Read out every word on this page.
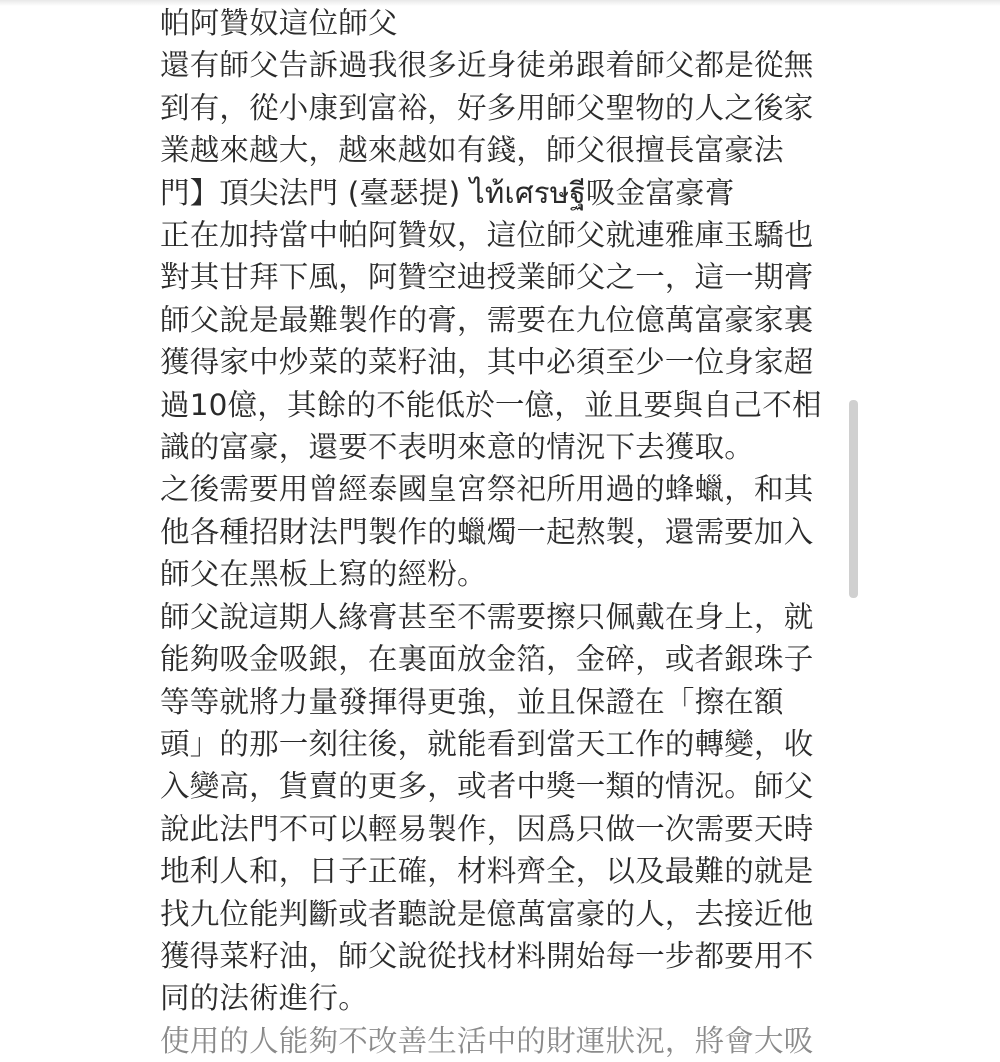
帕阿贊奴這位師父
還有師父告訴過我很多近身徒弟跟着師父都是從無
到有，從小康到富裕，好多用師父聖物的人之後家
業越來越大，越來越如有錢，師父很擅長富豪法
門】頂尖法門 (臺瑟提) ไท้เศรษฐี吸金富豪膏
正在加持當中帕阿贊奴，這位師父就連雅庫玉驕也
對其甘拜下風，阿贊空迪授業師父之一，這一期膏
師父說是最難製作的膏，需要在九位億萬富豪家裏
獲得家中炒菜的菜籽油，其中必須至少一位身家超
過10億，其餘的不能低於一億，並且要與自己不相
識的富豪，還要不表明來意的情況下去獲取。
之後需要用曾經泰國皇宮祭祀所用過的蜂蠟，和其
他各種招財法門製作的蠟燭一起熬製，還需要加入
師父在黑板上寫的經粉。
師父說這期人緣膏甚至不需要擦只佩戴在身上，就
能夠吸金吸銀，在裏面放金箔，金碎，或者銀珠子
等等就將力量發揮得更強，並且保證在「擦在額
頭」的那一刻往後，就能看到當天工作的轉變，收
入變高，貨賣的更多，或者中獎一類的情況。師父
說此法門不可以輕易製作，因爲只做一次需要天時
地利人和，日子正確，材料齊全，以及最難的就是
找九位能判斷或者聽說是億萬富豪的人，去接近他
獲得菜籽油，師父說從找材料開始每一步都要用不
同的法術進行。
使用的人能夠不改善生活中的財運狀況，將會大吸
